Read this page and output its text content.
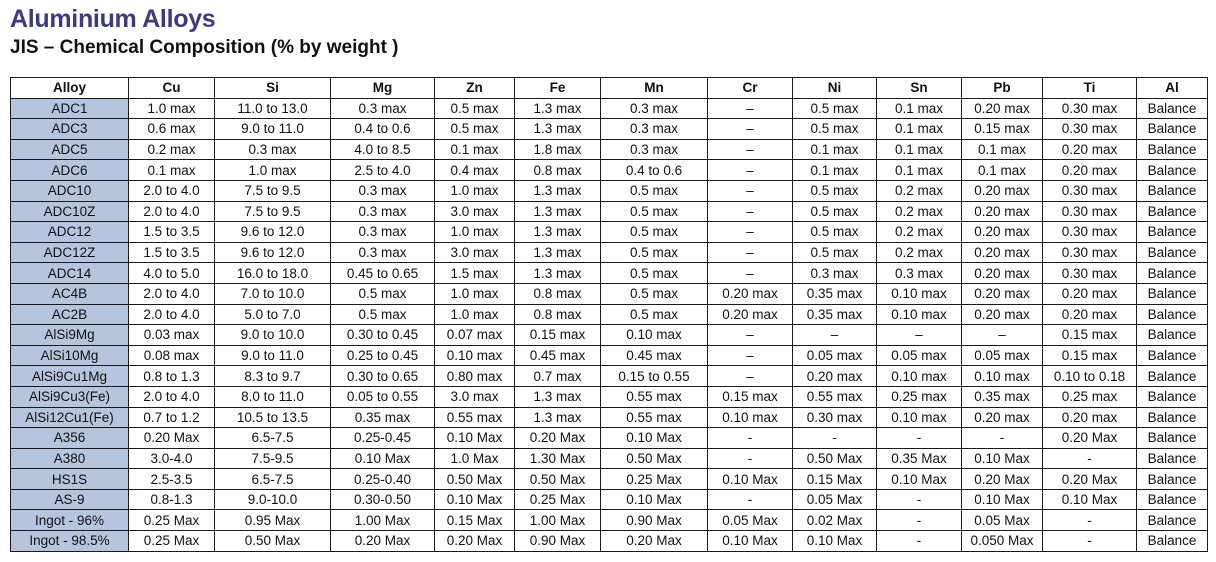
Aluminium Alloys
JIS – Chemical Composition (% by weight )
Alloy	Cu	Si	Mg	Zn	Fe	Mn	Cr	Ni	Sn	Pb	Ti	Al
ADC1	1.0 max	11.0 to 13.0	0.3 max	0.5 max	1.3 max	0.3 max	–	0.5 max	0.1 max	0.20 max	0.30 max	Balance
ADC3	0.6 max	9.0 to 11.0	0.4 to 0.6	0.5 max	1.3 max	0.3 max	–	0.5 max	0.1 max	0.15 max	0.30 max	Balance
ADC5	0.2 max	0.3 max	4.0 to 8.5	0.1 max	1.8 max	0.3 max	–	0.1 max	0.1 max	0.1 max	0.20 max	Balance
ADC6	0.1 max	1.0 max	2.5 to 4.0	0.4 max	0.8 max	0.4 to 0.6	–	0.1 max	0.1 max	0.1 max	0.20 max	Balance
ADC10	2.0 to 4.0	7.5 to 9.5	0.3 max	1.0 max	1.3 max	0.5 max	–	0.5 max	0.2 max	0.20 max	0.30 max	Balance
ADC10Z	2.0 to 4.0	7.5 to 9.5	0.3 max	3.0 max	1.3 max	0.5 max	–	0.5 max	0.2 max	0.20 max	0.30 max	Balance
ADC12	1.5 to 3.5	9.6 to 12.0	0.3 max	1.0 max	1.3 max	0.5 max	–	0.5 max	0.2 max	0.20 max	0.30 max	Balance
ADC12Z	1.5 to 3.5	9.6 to 12.0	0.3 max	3.0 max	1.3 max	0.5 max	–	0.5 max	0.2 max	0.20 max	0.30 max	Balance
ADC14	4.0 to 5.0	16.0 to 18.0	0.45 to 0.65	1.5 max	1.3 max	0.5 max	–	0.3 max	0.3 max	0.20 max	0.30 max	Balance
AC4B	2.0 to 4.0	7.0 to 10.0	0.5 max	1.0 max	0.8 max	0.5 max	0.20 max	0.35 max	0.10 max	0.20 max	0.20 max	Balance
AC2B	2.0 to 4.0	5.0 to 7.0	0.5 max	1.0 max	0.8 max	0.5 max	0.20 max	0.35 max	0.10 max	0.20 max	0.20 max	Balance
AlSi9Mg	0.03 max	9.0 to 10.0	0.30 to 0.45	0.07 max	0.15 max	0.10 max	–	–	–	–	0.15 max	Balance
AlSi10Mg	0.08 max	9.0 to 11.0	0.25 to 0.45	0.10 max	0.45 max	0.45 max	–	0.05 max	0.05 max	0.05 max	0.15 max	Balance
AlSi9Cu1Mg	0.8 to 1.3	8.3 to 9.7	0.30 to 0.65	0.80 max	0.7 max	0.15 to 0.55	–	0.20 max	0.10 max	0.10 max	0.10 to 0.18	Balance
AlSi9Cu3(Fe)	2.0 to 4.0	8.0 to 11.0	0.05 to 0.55	3.0 max	1.3 max	0.55 max	0.15 max	0.55 max	0.25 max	0.35 max	0.25 max	Balance
AlSi12Cu1(Fe)	0.7 to 1.2	10.5 to 13.5	0.35 max	0.55 max	1.3 max	0.55 max	0.10 max	0.30 max	0.10 max	0.20 max	0.20 max	Balance
A356	0.20 Max	6.5-7.5	0.25-0.45	0.10 Max	0.20 Max	0.10 Max	-	-	-	-	0.20 Max	Balance
A380	3.0-4.0	7.5-9.5	0.10 Max	1.0 Max	1.30 Max	0.50 Max	-	0.50 Max	0.35 Max	0.10 Max	-	Balance
HS1S	2.5-3.5	6.5-7.5	0.25-0.40	0.50 Max	0.50 Max	0.25 Max	0.10 Max	0.15 Max	0.10 Max	0.20 Max	0.20 Max	Balance
AS-9	0.8-1.3	9.0-10.0	0.30-0.50	0.10 Max	0.25 Max	0.10 Max	-	0.05 Max	-	0.10 Max	0.10 Max	Balance
Ingot - 96%	0.25 Max	0.95 Max	1.00 Max	0.15 Max	1.00 Max	0.90 Max	0.05 Max	0.02 Max	-	0.05 Max	-	Balance
Ingot - 98.5%	0.25 Max	0.50 Max	0.20 Max	0.20 Max	0.90 Max	0.20 Max	0.10 Max	0.10 Max	-	0.050 Max	-	Balance
